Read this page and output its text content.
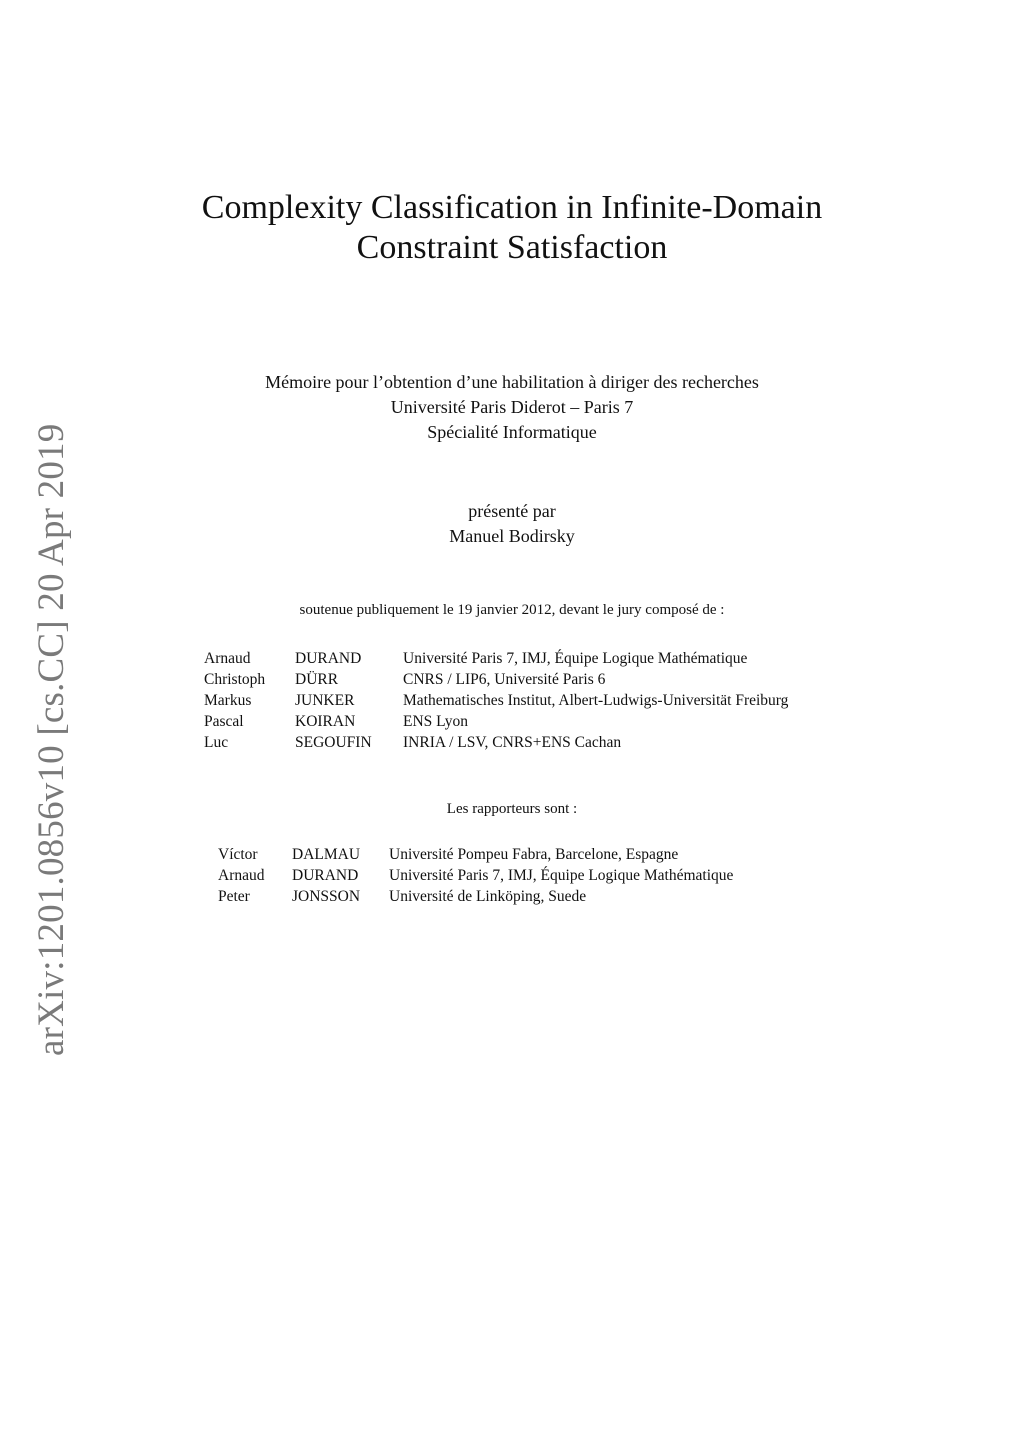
arXiv:1201.0856v10 [cs.CC] 20 Apr 2019
Complexity Classification in Infinite-Domain
Constraint Satisfaction
Mémoire pour l’obtention d’une habilitation à diriger des recherches
Université Paris Diderot – Paris 7
Spécialité Informatique
présenté par
Manuel Bodirsky
soutenue publiquement le 19 janvier 2012, devant le jury composé de :
Arnaud	DURAND	Université Paris 7, IMJ, Équipe Logique Mathématique
Christoph	DÜRR	CNRS / LIP6, Université Paris 6
Markus	JUNKER	Mathematisches Institut, Albert-Ludwigs-Universität Freiburg
Pascal	KOIRAN	ENS Lyon
Luc	SEGOUFIN	INRIA / LSV, CNRS+ENS Cachan
Les rapporteurs sont :
Víctor	DALMAU	Université Pompeu Fabra, Barcelone, Espagne
Arnaud	DURAND	Université Paris 7, IMJ, Équipe Logique Mathématique
Peter	JONSSON	Université de Linköping, Suede
